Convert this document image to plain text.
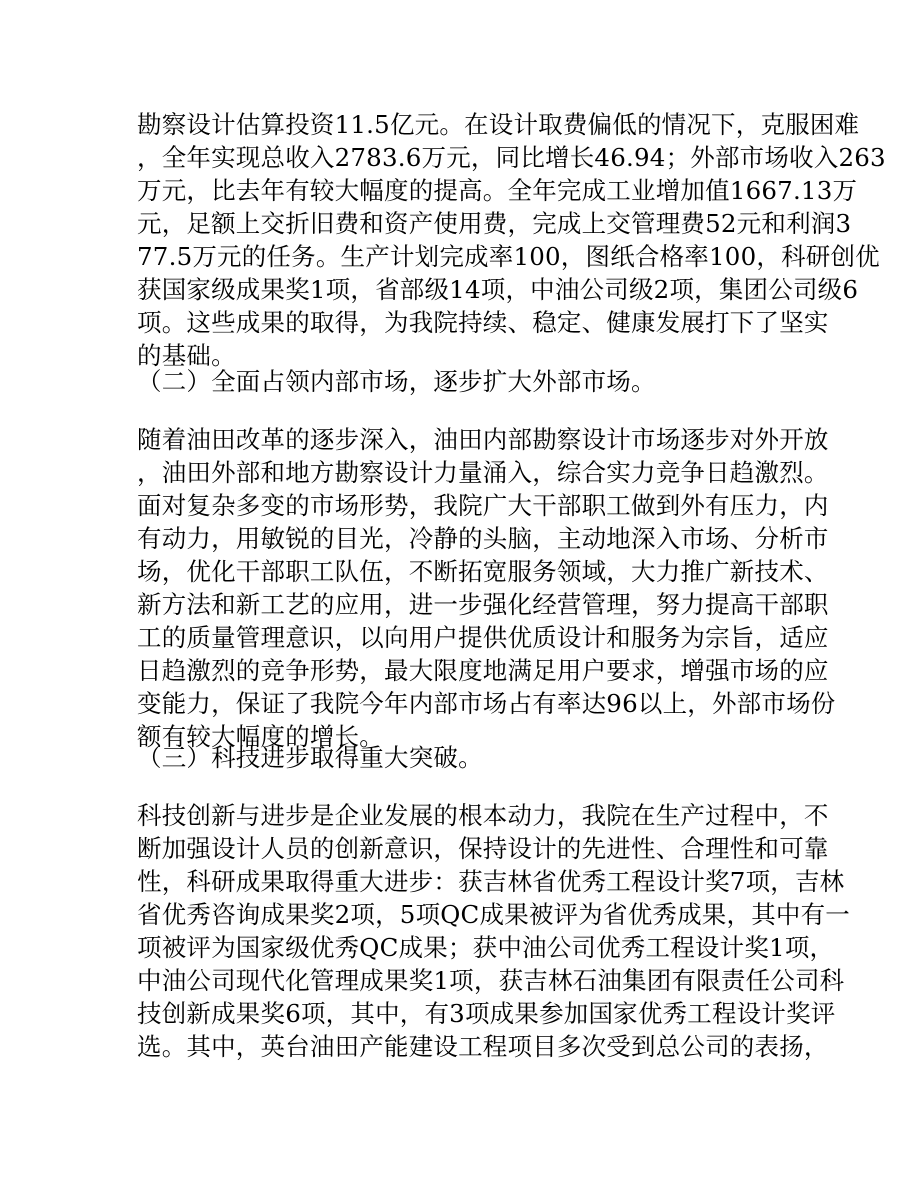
勘察设计估算投资11.5亿元。在设计取费偏低的情况下，克服困难
，全年实现总收入2783.6万元，同比增长46.94；外部市场收入263
万元，比去年有较大幅度的提高。全年完成工业增加值1667.13万
元，足额上交折旧费和资产使用费，完成上交管理费52元和利润3
77.5万元的任务。生产计划完成率100，图纸合格率100，科研创优
获国家级成果奖1项，省部级14项，中油公司级2项，集团公司级6
项。这些成果的取得，为我院持续、稳定、健康发展打下了坚实
的基础。
（二）全面占领内部市场，逐步扩大外部市场。
随着油田改革的逐步深入，油田内部勘察设计市场逐步对外开放
，油田外部和地方勘察设计力量涌入，综合实力竞争日趋激烈。
面对复杂多变的市场形势，我院广大干部职工做到外有压力，内
有动力，用敏锐的目光，冷静的头脑，主动地深入市场、分析市
场，优化干部职工队伍，不断拓宽服务领域，大力推广新技术、
新方法和新工艺的应用，进一步强化经营管理，努力提高干部职
工的质量管理意识，以向用户提供优质设计和服务为宗旨，适应
日趋激烈的竞争形势，最大限度地满足用户要求，增强市场的应
变能力，保证了我院今年内部市场占有率达96以上，外部市场份
额有较大幅度的增长。
（三）科技进步取得重大突破。
科技创新与进步是企业发展的根本动力，我院在生产过程中，不
断加强设计人员的创新意识，保持设计的先进性、合理性和可靠
性，科研成果取得重大进步：获吉林省优秀工程设计奖7项，吉林
省优秀咨询成果奖2项，5项QC成果被评为省优秀成果，其中有一
项被评为国家级优秀QC成果；获中油公司优秀工程设计奖1项，
中油公司现代化管理成果奖1项，获吉林石油集团有限责任公司科
技创新成果奖6项，其中，有3项成果参加国家优秀工程设计奖评
选。其中，英台油田产能建设工程项目多次受到总公司的表扬，
